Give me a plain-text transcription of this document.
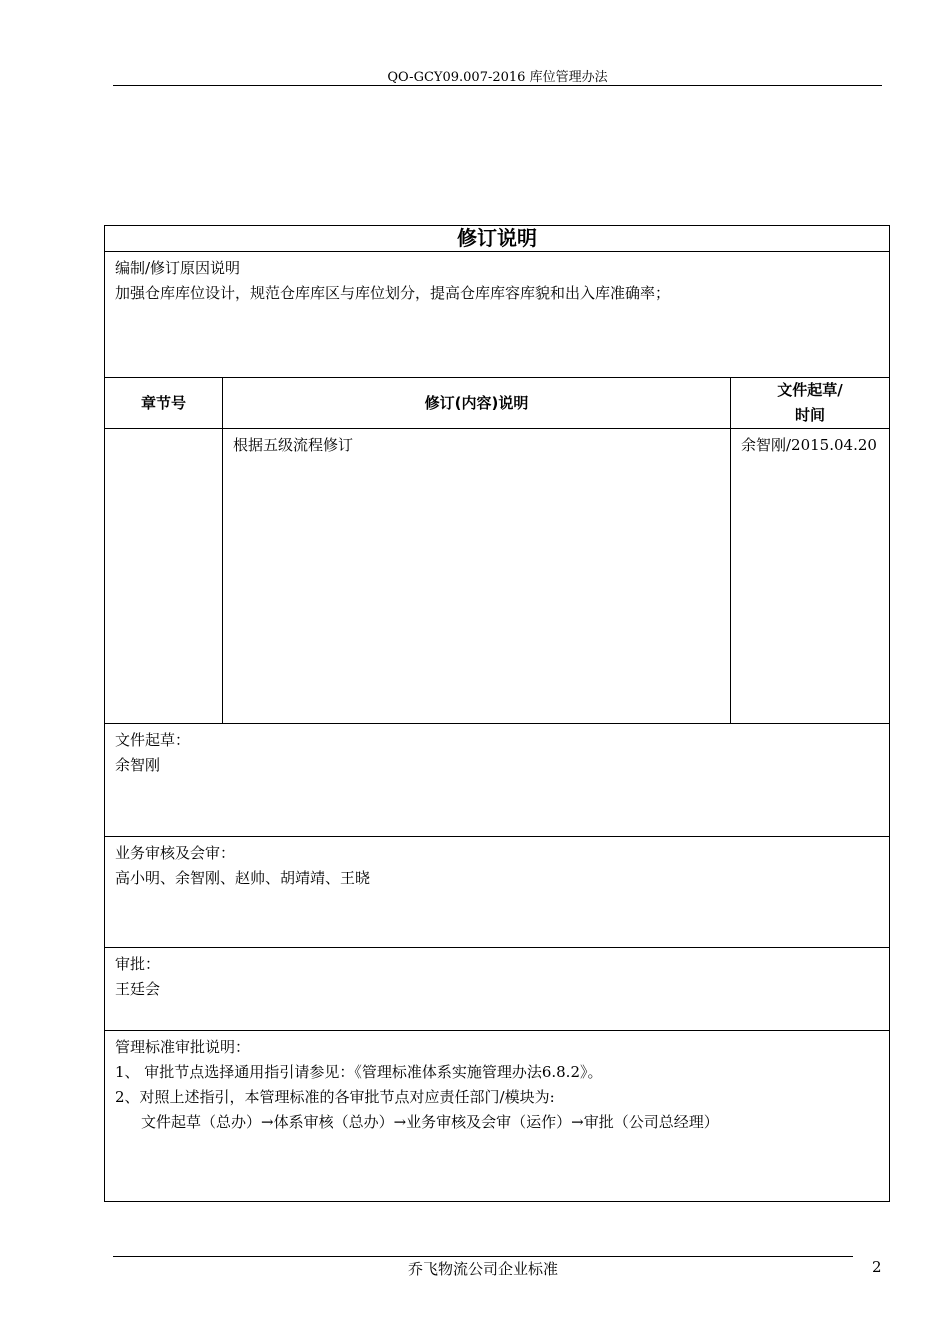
QO-GCY09.007-2016 库位管理办法
修订说明		

编制/修订原因说明
加强仓库库位设计，规范仓库库区与库位划分，提高仓库库容库貌和出入库准确率；		

章节号	修订(内容)说明	文件起草/
时间

	根据五级流程修订	余智刚/2015.04.20

文件起草：
余智刚		

业务审核及会审：
高小明、余智刚、赵帅、胡靖靖、王晓		

审批：
王廷会		

管理标准审批说明：
1、 审批节点选择通用指引请参见：《管理标准体系实施管理办法6.8.2》。
2、对照上述指引，本管理标准的各审批节点对应责任部门/模块为:
文件起草（总办）→体系审核（总办）→业务审核及会审（运作）→审批（公司总经理）		
乔飞物流公司企业标准	2
